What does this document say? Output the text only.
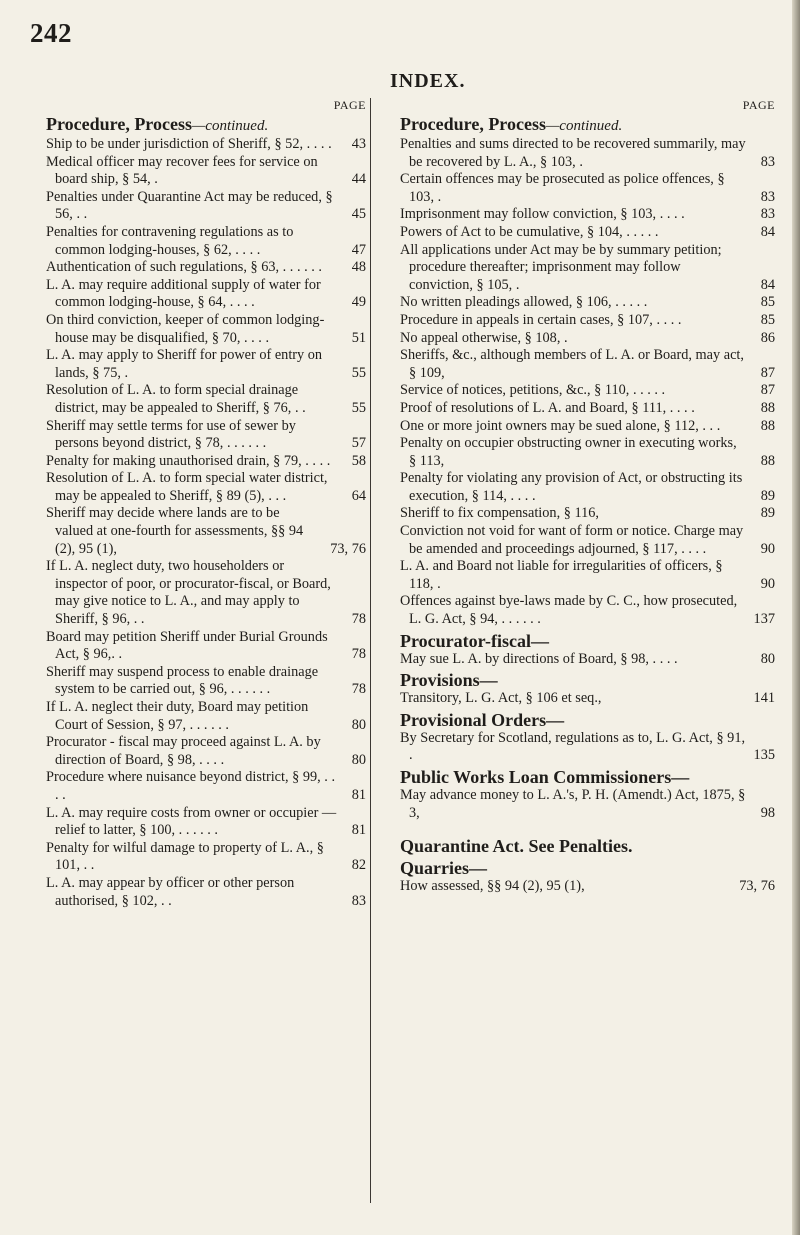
242
INDEX.
PAGE
Procedure, Process—continued.
Ship to be under jurisdiction of Sheriff, § 52, . . . .	43
Medical officer may recover fees for service on board ship, § 54, .	44
Penalties under Quarantine Act may be reduced, § 56, . .	45
Penalties for contravening regulations as to common lodging-houses, § 62, . . . .	47
Authentication of such regulations, § 63, . . . . . .	48
L. A. may require additional supply of water for common lodging-house, § 64, . . . .	49
On third conviction, keeper of common lodging-house may be disqualified, § 70, . . . .	51
L. A. may apply to Sheriff for power of entry on lands, § 75, .	55
Resolution of L. A. to form special drainage district, may be appealed to Sheriff, § 76, . .	55
Sheriff may settle terms for use of sewer by persons beyond district, § 78, . . . . . .	57
Penalty for making unauthorised drain, § 79, . . . .	58
Resolution of L. A. to form special water district, may be appealed to Sheriff, § 89 (5), . . .	64
Sheriff may decide where lands are to be valued at one-fourth for assessments, §§ 94 (2), 95 (1),	73, 76
If L. A. neglect duty, two householders or inspector of poor, or procurator-fiscal, or Board, may give notice to L. A., and may apply to Sheriff, § 96, . .	78
Board may petition Sheriff under Burial Grounds Act, § 96,. .	78
Sheriff may suspend process to enable drainage system to be carried out, § 96, . . . . . .	78
If L. A. neglect their duty, Board may petition Court of Session, § 97, . . . . . .	80
Procurator - fiscal may proceed against L. A. by direction of Board, § 98, . . . .	80
Procedure where nuisance beyond district, § 99, . . . .	81
L. A. may require costs from owner or occupier — relief to latter, § 100, . . . . . .	81
Penalty for wilful damage to property of L. A., § 101, . .	82
L. A. may appear by officer or other person authorised, § 102, . .	83
PAGE
Procedure, Process—continued.
Penalties and sums directed to be recovered summarily, may be recovered by L. A., § 103, .	83
Certain offences may be prosecuted as police offences, § 103, .	83
Imprisonment may follow conviction, § 103, . . . .	83
Powers of Act to be cumulative, § 104, . . . . .	84
All applications under Act may be by summary petition; procedure thereafter; imprisonment may follow conviction, § 105, .	84
No written pleadings allowed, § 106, . . . . .	85
Procedure in appeals in certain cases, § 107, . . . .	85
No appeal otherwise, § 108, .	86
Sheriffs, &c., although members of L. A. or Board, may act, § 109,	87
Service of notices, petitions, &c., § 110, . . . . .	87
Proof of resolutions of L. A. and Board, § 111, . . . .	88
One or more joint owners may be sued alone, § 112, . . .	88
Penalty on occupier obstructing owner in executing works, § 113,	88
Penalty for violating any provision of Act, or obstructing its execution, § 114, . . . .	89
Sheriff to fix compensation, § 116,	89
Conviction not void for want of form or notice. Charge may be amended and proceedings adjourned, § 117, . . . .	90
L. A. and Board not liable for irregularities of officers, § 118, .	90
Offences against bye-laws made by C. C., how prosecuted, L. G. Act, § 94, . . . . . .	137
Procurator-fiscal—
May sue L. A. by directions of Board, § 98, . . . .	80
Provisions—
Transitory, L. G. Act, § 106 et seq.,	141
Provisional Orders—
By Secretary for Scotland, regulations as to, L. G. Act, § 91, .	135
Public Works Loan Commissioners—
May advance money to L. A.'s, P. H. (Amendt.) Act, 1875, § 3,	98
Quarantine Act. See Penalties.
Quarries—
How assessed, §§ 94 (2), 95 (1),	73, 76
